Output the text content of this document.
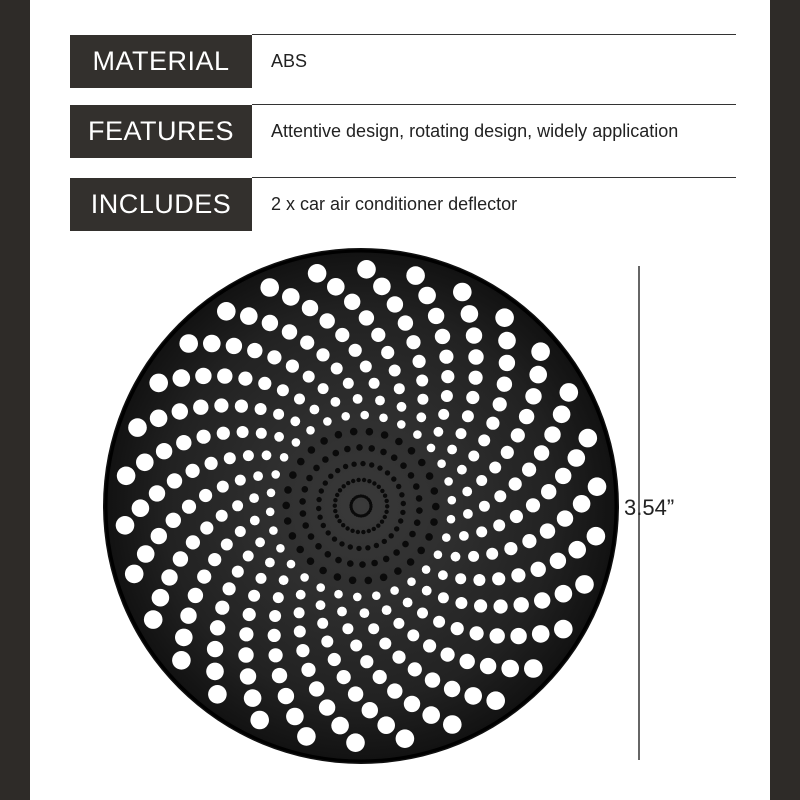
MATERIAL	ABS
FEATURES	Attentive design, rotating design, widely application
INCLUDES	2 x car air conditioner deflector
3.54”
